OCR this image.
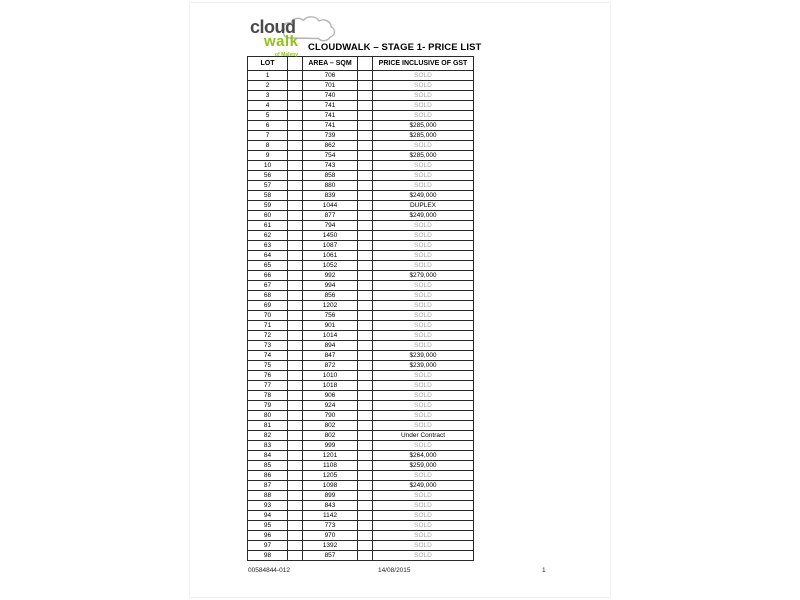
cloud
walk
of Maleny
CLOUDWALK – STAGE 1- PRICE LIST
LOT		AREA – SQM		PRICE INCLUSIVE OF GST
1		706		SOLD
2		701		SOLD
3		740		SOLD
4		741		SOLD
5		741		SOLD
6		741		$285,000
7		739		$285,000
8		862		SOLD
9		754		$285,000
10		743		SOLD
56		858		SOLD
57		880		SOLD
58		839		$249,000
59		1044		DUPLEX
60		877		$249,000
61		794		SOLD
62		1450		SOLD
63		1087		SOLD
64		1061		SOLD
65		1052		SOLD
66		992		$279,000
67		994		SOLD
68		856		SOLD
69		1202		SOLD
70		756		SOLD
71		901		SOLD
72		1014		SOLD
73		894		SOLD
74		847		$239,000
75		872		$239,000
76		1010		SOLD
77		1018		SOLD
78		906		SOLD
79		924		SOLD
80		790		SOLD
81		802		SOLD
82		802		Under Contract
83		999		SOLD
84		1201		$264,000
85		1108		$259,000
86		1205		SOLD
87		1098		$249,000
88		899		SOLD
93		843		SOLD
94		1142		SOLD
95		773		SOLD
96		970		SOLD
97		1392		SOLD
98		857		SOLD
00584844-012	14/08/2015	1
